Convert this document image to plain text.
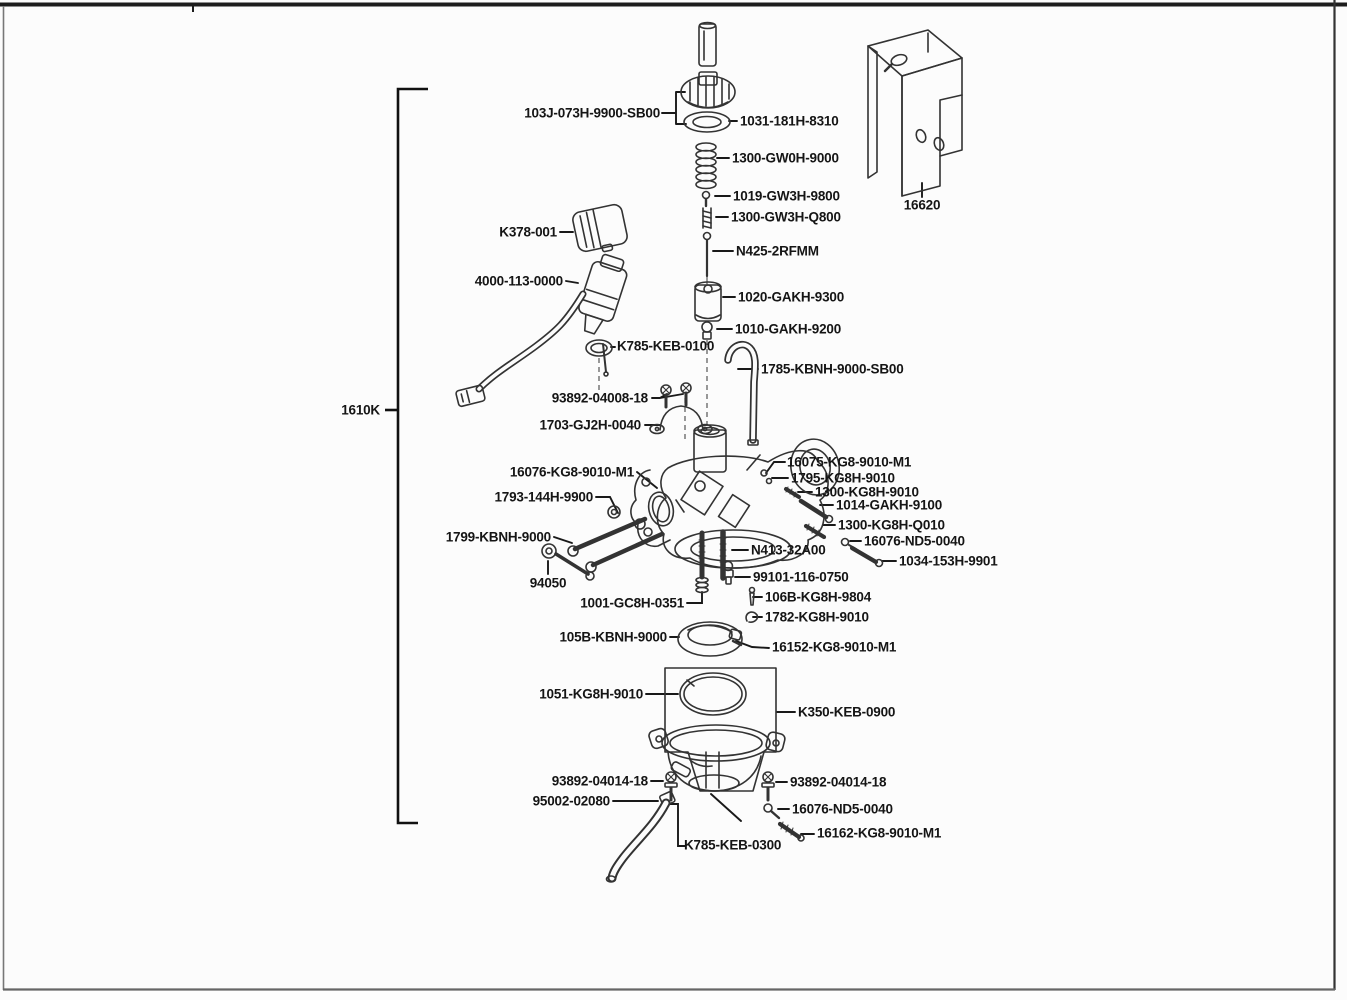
103J-073H-9900-SB00
1031-181H-8310
1300-GW0H-9000
1019-GW3H-9800
1300-GW3H-Q800
K378-001
N425-2RFMM
4000-113-0000
1020-GAKH-9300
1010-GAKH-9200
K785-KEB-0100
1785-KBNH-9000-SB00
93892-04008-18
1703-GJ2H-0040
1610K
16620
16076-KG8-9010-M1
16075-KG8-9010-M1
1795-KG8H-9010
1300-KG8H-9010
1014-GAKH-9100
1300-KG8H-Q010
16076-ND5-0040
1034-153H-9901
1793-144H-9900
1799-KBNH-9000
94050
N413-32A00
99101-116-0750
1001-GC8H-0351	106B-KG8H-9804
1782-KG8H-9010
105B-KBNH-9000
16152-KG8-9010-M1
1051-KG8H-9010
K350-KEB-0900
93892-04014-18	93892-04014-18
95002-02080
16076-ND5-0040
16162-KG8-9010-M1
K785-KEB-0300
